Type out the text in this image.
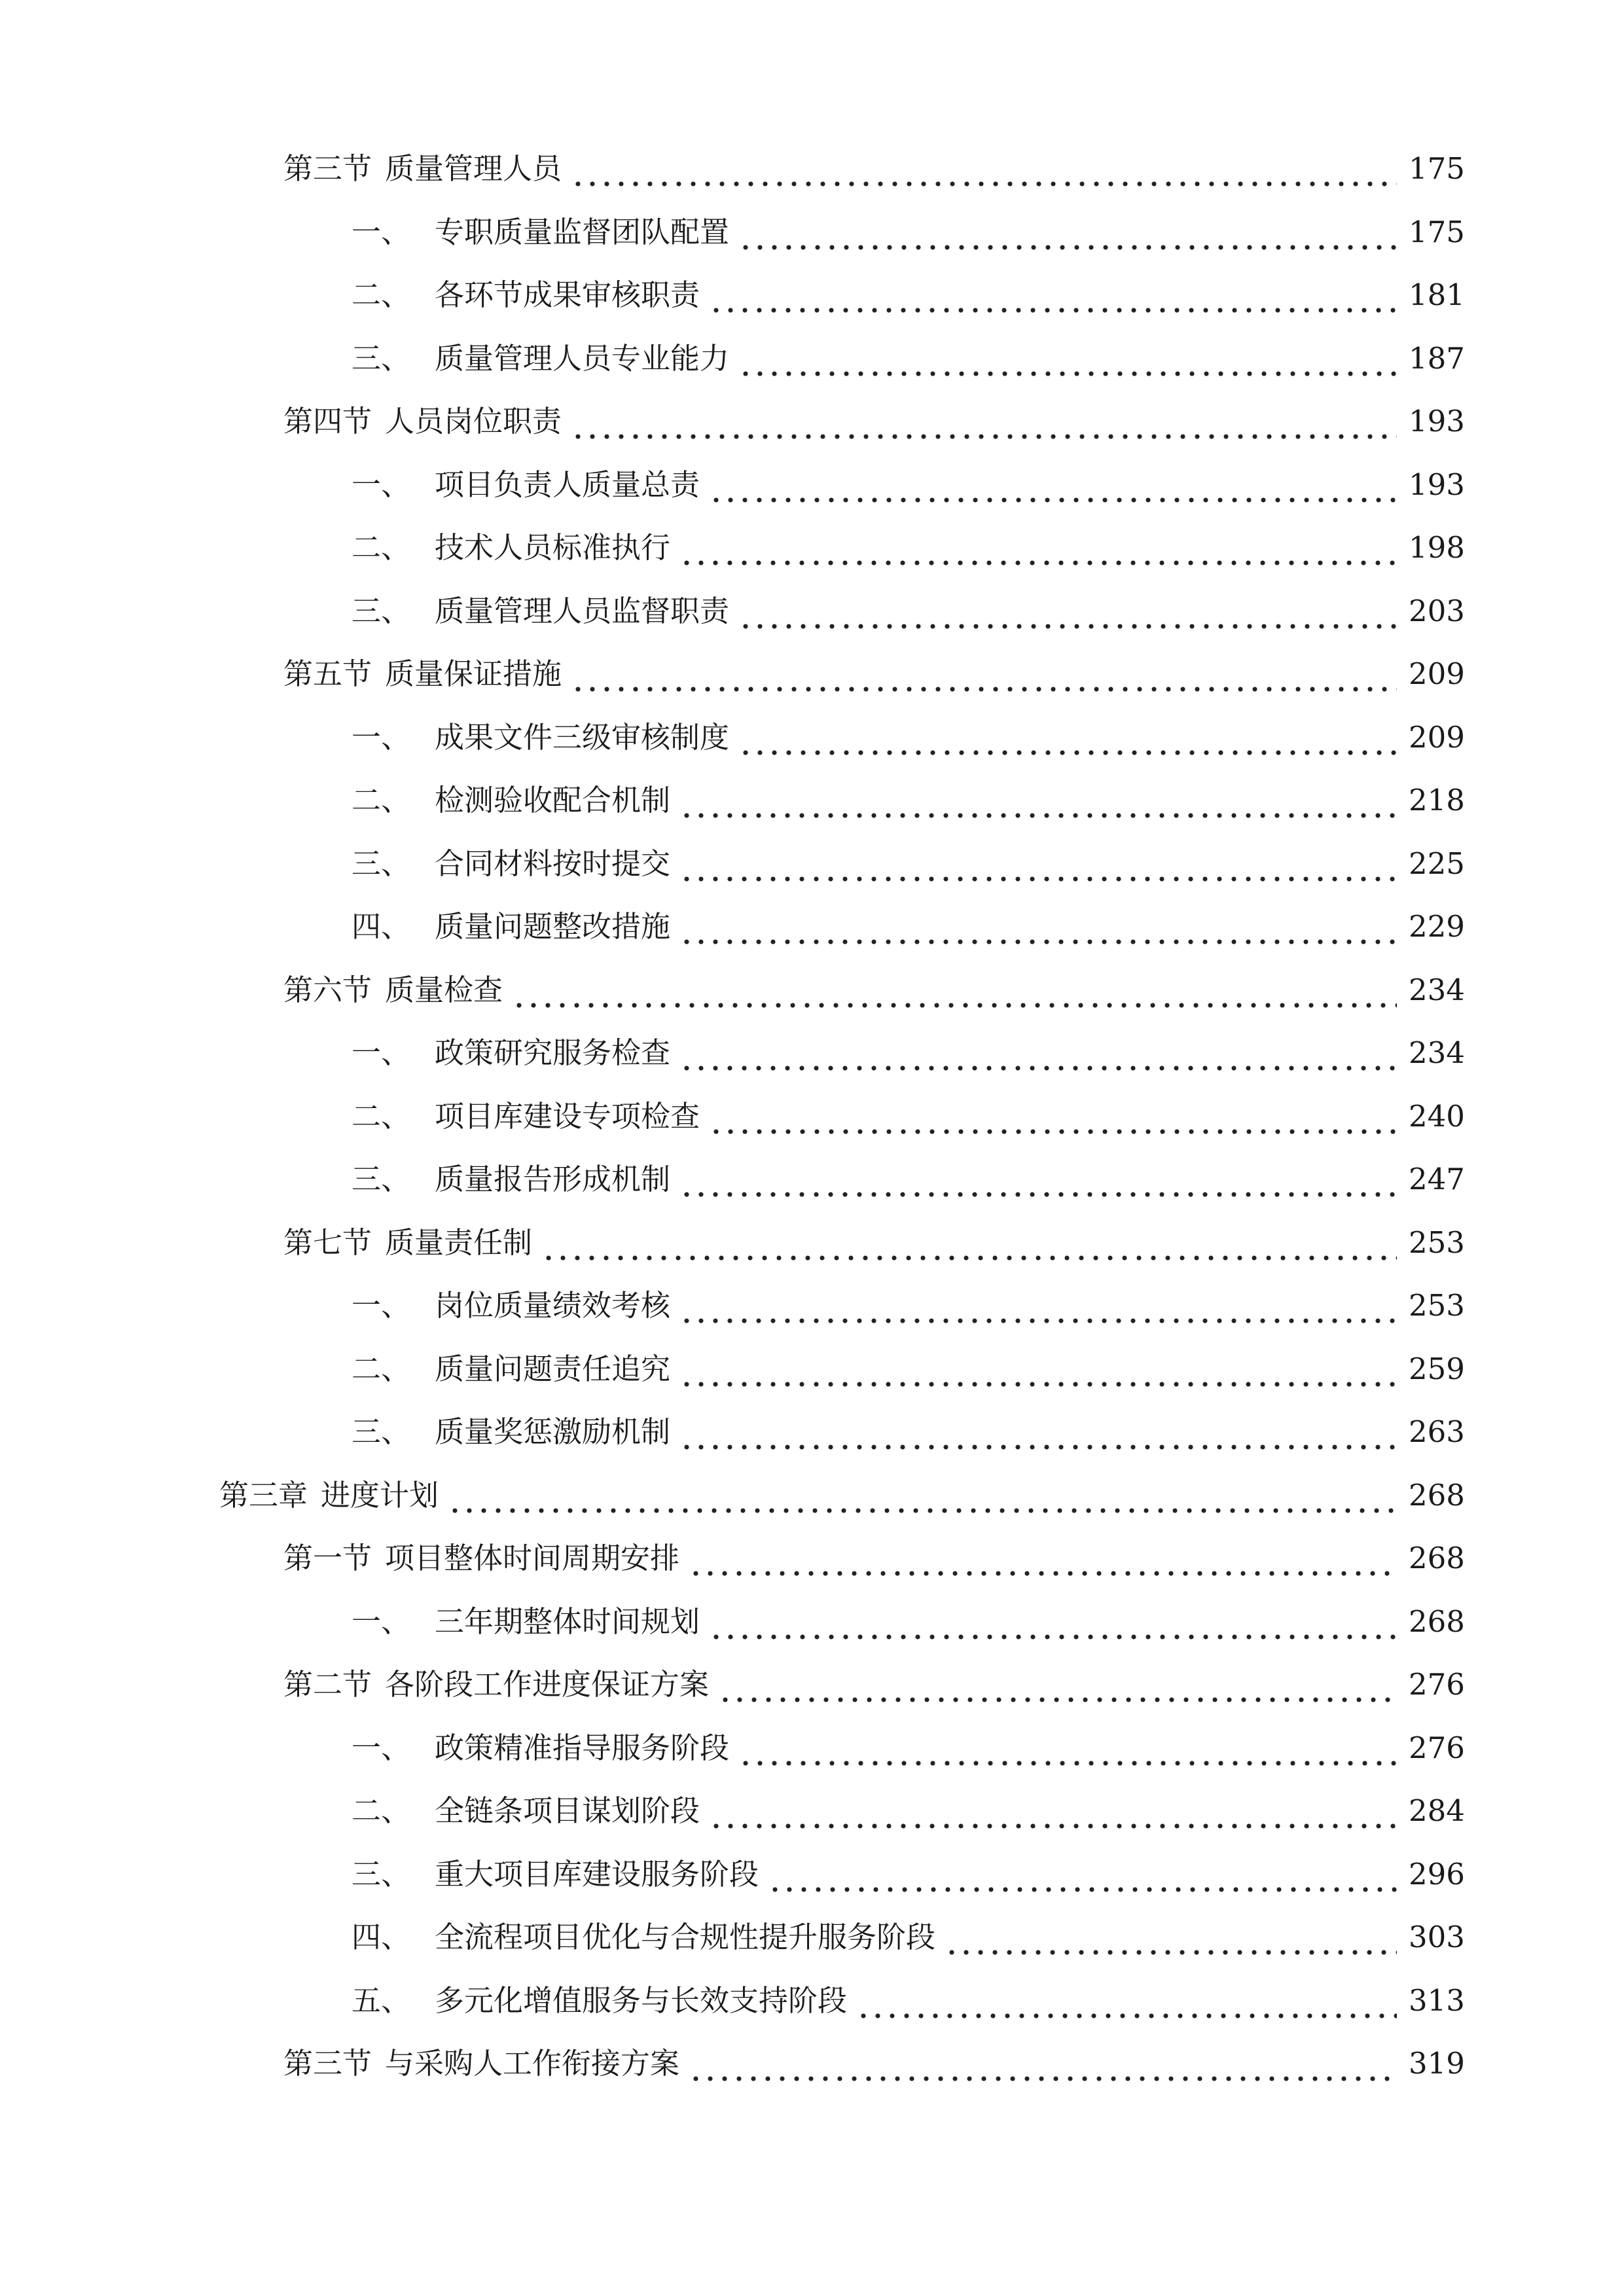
第三节 质量管理人员	175
一、 专职质量监督团队配置	175
二、 各环节成果审核职责	181
三、 质量管理人员专业能力	187
第四节 人员岗位职责	193
一、 项目负责人质量总责	193
二、 技术人员标准执行	198
三、 质量管理人员监督职责	203
第五节 质量保证措施	209
一、 成果文件三级审核制度	209
二、 检测验收配合机制	218
三、 合同材料按时提交	225
四、 质量问题整改措施	229
第六节 质量检查	234
一、 政策研究服务检查	234
二、 项目库建设专项检查	240
三、 质量报告形成机制	247
第七节 质量责任制	253
一、 岗位质量绩效考核	253
二、 质量问题责任追究	259
三、 质量奖惩激励机制	263
第三章 进度计划	268
第一节 项目整体时间周期安排	268
一、 三年期整体时间规划	268
第二节 各阶段工作进度保证方案	276
一、 政策精准指导服务阶段	276
二、 全链条项目谋划阶段	284
三、 重大项目库建设服务阶段	296
四、 全流程项目优化与合规性提升服务阶段	303
五、 多元化增值服务与长效支持阶段	313
第三节 与采购人工作衔接方案	319
